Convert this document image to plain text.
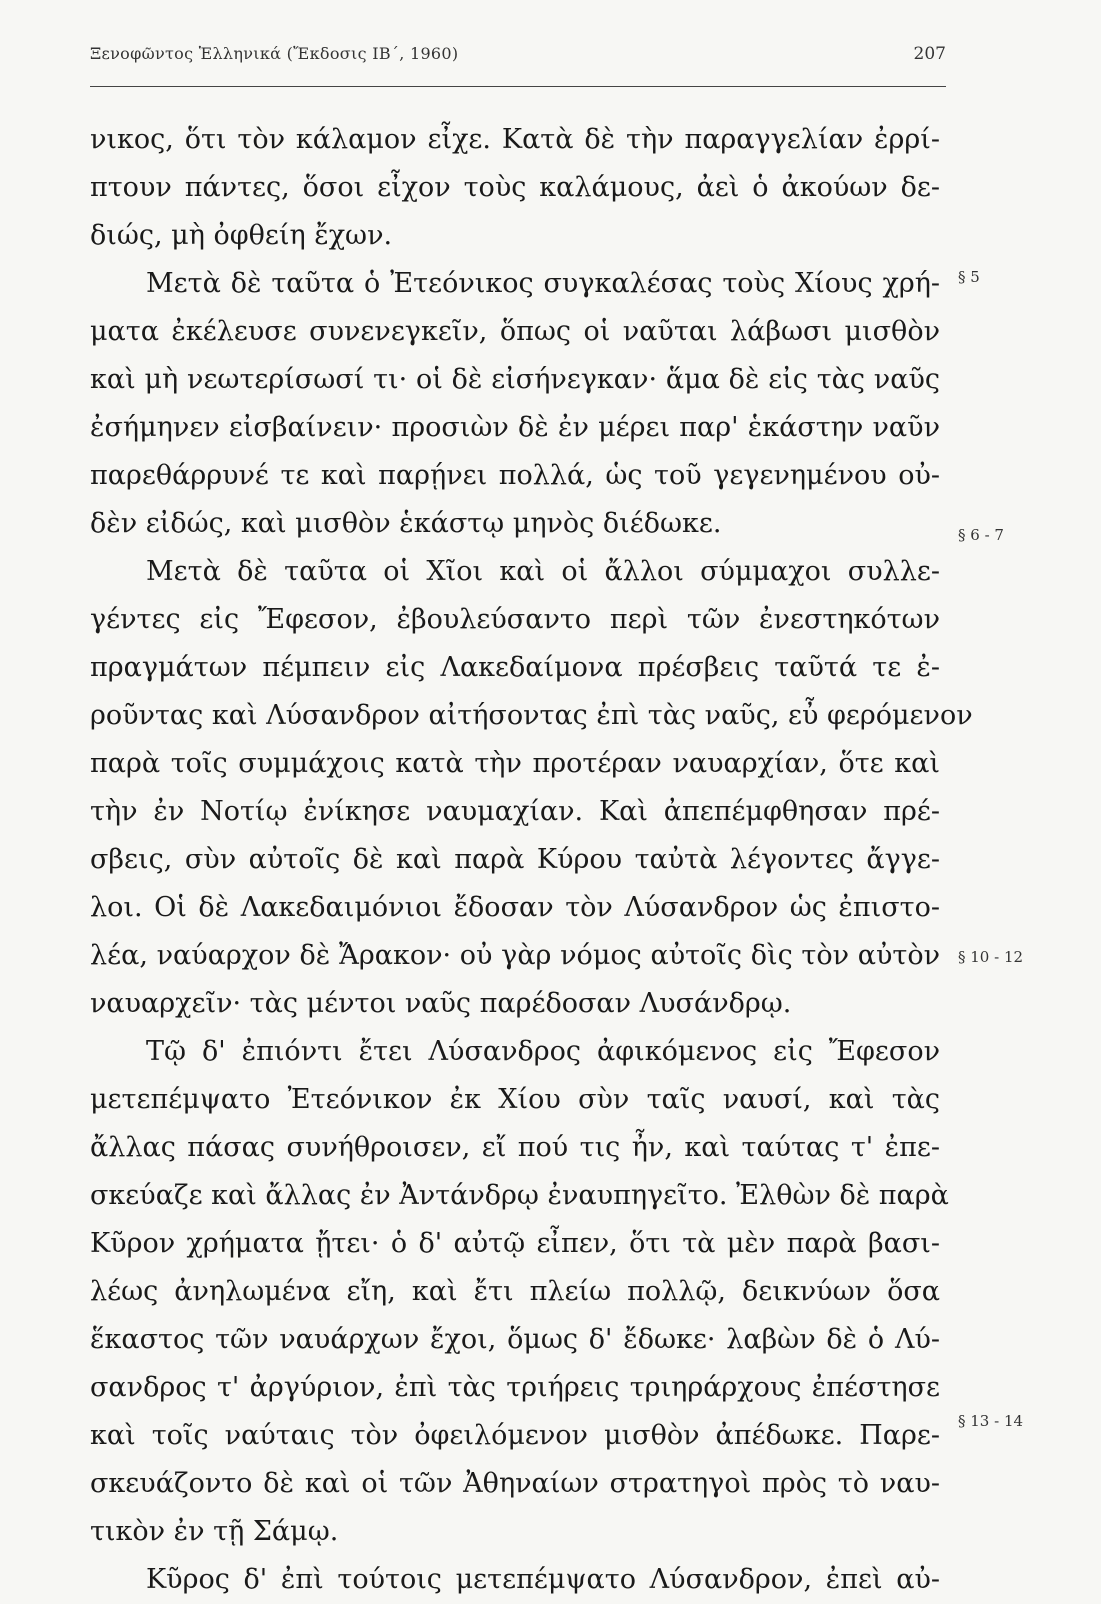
Ξενοφῶντος Ἑλληνικά (Ἔκδοσις ΙΒ΄, 1960)	207
νικος, ὅτι τὸν κάλαμον εἶχε. Κατὰ δὲ τὴν παραγγελίαν ἐρρί-
πτουν πάντες, ὅσοι εἶχον τοὺς καλάμους, ἀεὶ ὁ ἀκούων δε-
διώς, μὴ ὀφθείη ἔχων.
Μετὰ δὲ ταῦτα ὁ Ἐτεόνικος συγκαλέσας τοὺς Χίους χρή-
ματα ἐκέλευσε συνενεγκεῖν, ὅπως οἱ ναῦται λάβωσι μισθὸν
καὶ μὴ νεωτερίσωσί τι· οἱ δὲ εἰσήνεγκαν· ἅμα δὲ εἰς τὰς ναῦς
ἐσήμηνεν εἰσβαίνειν· προσιὼν δὲ ἐν μέρει παρ' ἑκάστην ναῦν
παρεθάρρυνέ τε καὶ παρῄνει πολλά, ὡς τοῦ γεγενημένου οὐ-
δὲν εἰδώς, καὶ μισθὸν ἑκάστῳ μηνὸς διέδωκε.
Μετὰ δὲ ταῦτα οἱ Χῖοι καὶ οἱ ἄλλοι σύμμαχοι συλλε-
γέντες εἰς Ἔφεσον, ἐβουλεύσαντο περὶ τῶν ἐνεστηκότων
πραγμάτων πέμπειν εἰς Λακεδαίμονα πρέσβεις ταῦτά τε ἐ-
ροῦντας καὶ Λύσανδρον αἰτήσοντας ἐπὶ τὰς ναῦς, εὖ φερόμενον
παρὰ τοῖς συμμάχοις κατὰ τὴν προτέραν ναυαρχίαν, ὅτε καὶ
τὴν ἐν Νοτίῳ ἐνίκησε ναυμαχίαν. Καὶ ἀπεπέμφθησαν πρέ-
σβεις, σὺν αὐτοῖς δὲ καὶ παρὰ Κύρου ταὐτὰ λέγοντες ἄγγε-
λοι. Οἱ δὲ Λακεδαιμόνιοι ἔδοσαν τὸν Λύσανδρον ὡς ἐπιστο-
λέα, ναύαρχον δὲ Ἄρακον· οὐ γὰρ νόμος αὐτοῖς δὶς τὸν αὐτὸν
ναυαρχεῖν· τὰς μέντοι ναῦς παρέδοσαν Λυσάνδρῳ.
Τῷ δ' ἐπιόντι ἔτει Λύσανδρος ἀφικόμενος εἰς Ἔφεσον
μετεπέμψατο Ἐτεόνικον ἐκ Χίου σὺν ταῖς ναυσί, καὶ τὰς
ἄλλας πάσας συνήθροισεν, εἴ πού τις ἦν, καὶ ταύτας τ' ἐπε-
σκεύαζε καὶ ἄλλας ἐν Ἀντάνδρῳ ἐναυπηγεῖτο. Ἐλθὼν δὲ παρὰ
Κῦρον χρήματα ᾔτει· ὁ δ' αὐτῷ εἶπεν, ὅτι τὰ μὲν παρὰ βασι-
λέως ἀνηλωμένα εἴη, καὶ ἔτι πλείω πολλῷ, δεικνύων ὅσα
ἕκαστος τῶν ναυάρχων ἔχοι, ὅμως δ' ἔδωκε· λαβὼν δὲ ὁ Λύ-
σανδρος τ' ἀργύριον, ἐπὶ τὰς τριήρεις τριηράρχους ἐπέστησε
καὶ τοῖς ναύταις τὸν ὀφειλόμενον μισθὸν ἀπέδωκε. Παρε-
σκευάζοντο δὲ καὶ οἱ τῶν Ἀθηναίων στρατηγοὶ πρὸς τὸ ναυ-
τικὸν ἐν τῇ Σάμῳ.
Κῦρος δ' ἐπὶ τούτοις μετεπέμψατο Λύσανδρον, ἐπεὶ αὐ-
§ 5
§ 6 - 7
§ 10 - 12
§ 13 - 14
